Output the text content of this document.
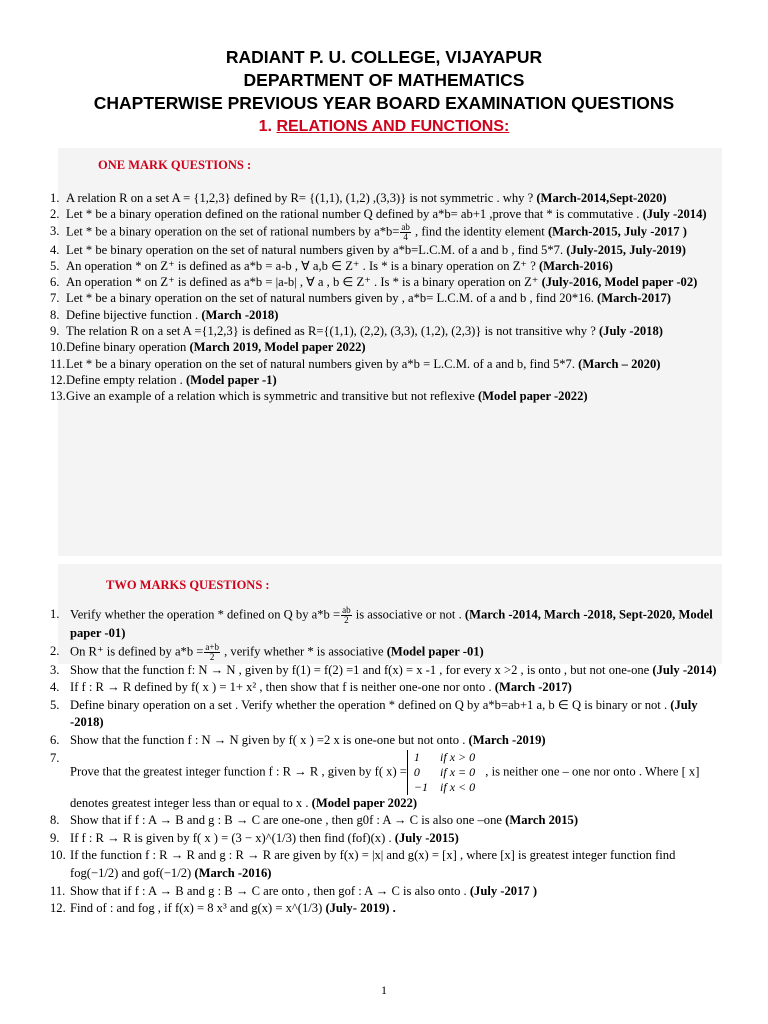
RADIANT P. U. COLLEGE, VIJAYAPUR
DEPARTMENT OF MATHEMATICS
CHAPTERWISE PREVIOUS YEAR BOARD EXAMINATION QUESTIONS
1. RELATIONS AND FUNCTIONS:
ONE MARK QUESTIONS :
1. A relation R on a set A = {1,2,3} defined by R= {(1,1), (1,2) ,(3,3)} is not symmetric . why ? (March-2014,Sept-2020)
2. Let * be a binary operation defined on the rational number Q defined by a*b= ab+1 ,prove that * is commutative . (July -2014)
3. Let * be a binary operation on the set of rational numbers by $a*b= \frac{ab}{4}$ , find the identity element (March-2015, July -2017 )
4. Let * be binary operation on the set of natural numbers given by a*b=L.C.M. of a and b , find 5*7. (July-2015, July-2019)
5. An operation * on Z⁺ is defined as a*b = a-b , ∀ a,b ∈ Z⁺ . Is * is a binary operation on Z⁺ ? (March-2016)
6. An operation * on Z⁺ is defined as a*b = |a-b| , ∀ a , b ∈ Z⁺ . Is * is a binary operation on Z⁺ (July-2016, Model paper -02)
7. Let * be a binary operation on the set of natural numbers given by , a*b= L.C.M. of a and b , find 20*16. (March-2017)
8. Define bijective function . (March -2018)
9. The relation R on a set A ={1,2,3} is defined as R={(1,1), (2,2), (3,3), (1,2), (2,3)} is not transitive why ? (July -2018)
10. Define binary operation (March 2019, Model paper 2022)
11. Let * be a binary operation on the set of natural numbers given by a*b = L.C.M. of a and b, find 5*7. (March – 2020)
12. Define empty relation . (Model paper -1)
13. Give an example of a relation which is symmetric and transitive but not reflexive (Model paper -2022)
TWO MARKS QUESTIONS :
1. Verify whether the operation * defined on Q by $a*b = \frac{ab}{2}$ is associative or not . (March -2014, March -2018, Sept-2020, Model paper -01)
2. On R⁺ is defined by $a*b = \frac{a+b}{2}$ , verify whether * is associative (Model paper -01)
3. Show that the function f: N → N , given by f(1) = f(2) =1 and f(x) = x -1 , for every x >2 , is onto , but not one-one (July -2014)
4. If f : R → R defined by f( x ) = 1+ x² , then show that f is neither one-one nor onto . (March -2017)
5. Define binary operation on a set . Verify whether the operation * defined on Q by a*b=ab+1 a, b ∈ Q is binary or not . (July -2018)
6. Show that the function f : N → N given by f( x ) =2 x is one-one but not onto . (March -2019)
7.
Prove that the greatest integer function f : R → R , given by f( x) =
1	if x > 0
0	if x = 0
−1	if x < 0
, is neither one – one nor onto . Where [ x] denotes greatest integer less than or equal to x . (Model paper 2022)
8. Show that if f : A → B and g : B → C are one-one , then g0f : A → C is also one –one (March 2015)
9. If f : R → R is given by f( x ) = (3 − x)^(1/3) then find (fof)(x) . (July -2015)
10. If the function f : R → R and g : R → R are given by f(x) = |x| and g(x) = [x] , where [x] is greatest integer function find fog(−1/2) and gof(−1/2) (March -2016)
11. Show that if f : A → B and g : B → C are onto , then gof : A → C is also onto . (July -2017 )
12. Find of : and fog , if f(x) = 8 x³ and g(x) = x^(1/3) (July- 2019) .
1
